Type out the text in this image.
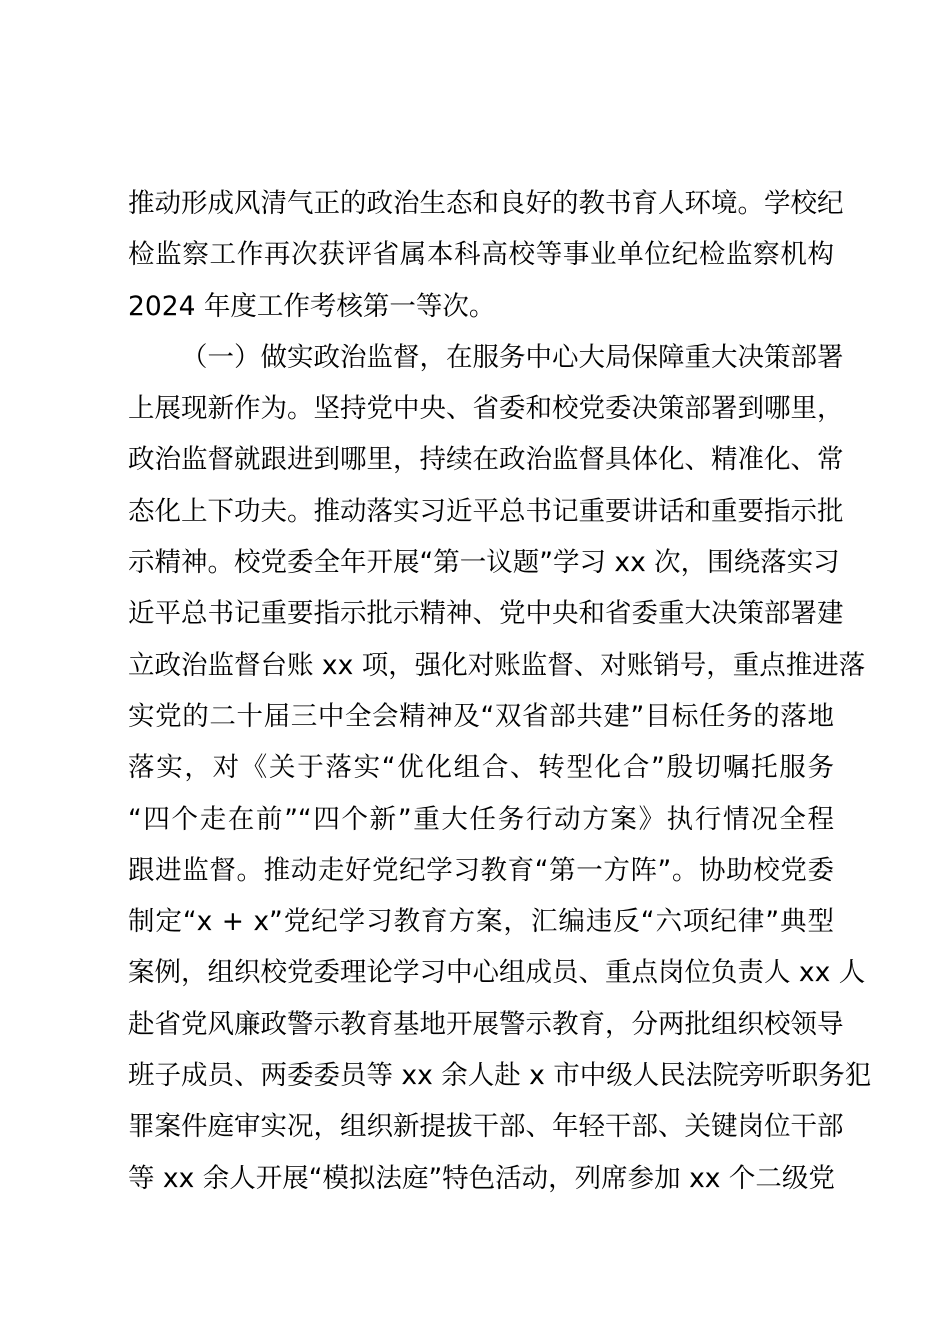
推动形成风清气正的政治生态和良好的教书育人环境。学校纪
检监察工作再次获评省属本科高校等事业单位纪检监察机构
2024 年度工作考核第一等次。
（一）做实政治监督，在服务中心大局保障重大决策部署
上展现新作为。坚持党中央、省委和校党委决策部署到哪里，
政治监督就跟进到哪里，持续在政治监督具体化、精准化、常
态化上下功夫。推动落实习近平总书记重要讲话和重要指示批
示精神。校党委全年开展“第一议题”学习 xx 次，围绕落实习
近平总书记重要指示批示精神、党中央和省委重大决策部署建
立政治监督台账 xx 项，强化对账监督、对账销号，重点推进落
实党的二十届三中全会精神及“双省部共建”目标任务的落地
落实，对《关于落实“优化组合、转型化合”殷切嘱托服务
“四个走在前”“四个新”重大任务行动方案》执行情况全程
跟进监督。推动走好党纪学习教育“第一方阵”。协助校党委
制定“x + x”党纪学习教育方案，汇编违反“六项纪律”典型
案例，组织校党委理论学习中心组成员、重点岗位负责人 xx 人
赴省党风廉政警示教育基地开展警示教育，分两批组织校领导
班子成员、两委委员等 xx 余人赴 x 市中级人民法院旁听职务犯
罪案件庭审实况，组织新提拔干部、年轻干部、关键岗位干部
等 xx 余人开展“模拟法庭”特色活动，列席参加 xx 个二级党
